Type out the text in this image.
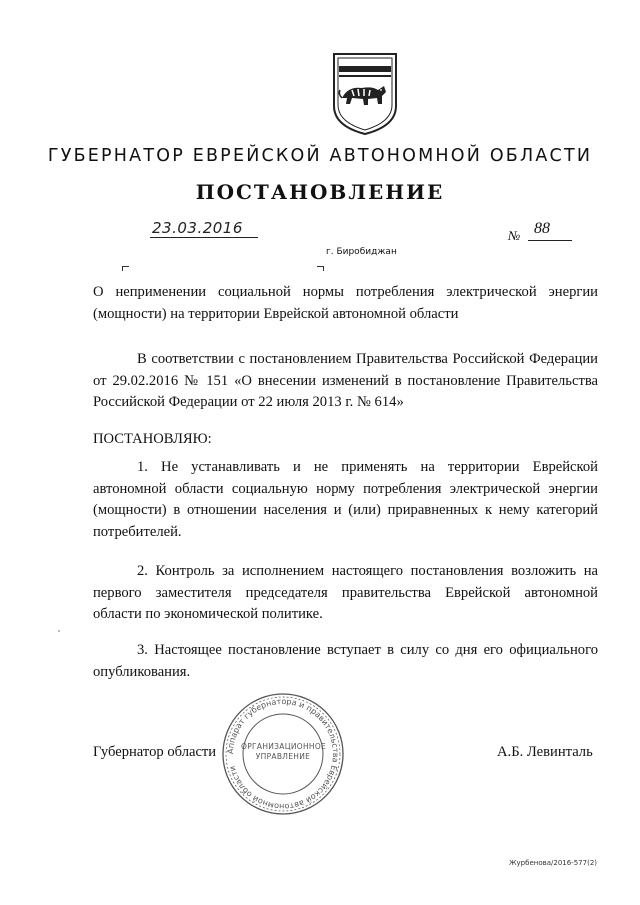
ГУБЕРНАТОР ЕВРЕЙСКОЙ АВТОНОМНОЙ ОБЛАСТИ
ПОСТАНОВЛЕНИЕ
23.03.2016	№ 88
г. Биробиджан
О неприменении социальной нормы потребления электрической энергии (мощности) на территории Еврейской автономной области
В соответствии с постановлением Правительства Российской Федерации от 29.02.2016 № 151 «О внесении изменений в постановление Правительства Российской Федерации от 22 июля 2013 г. № 614»
ПОСТАНОВЛЯЮ:
1. Не устанавливать и не применять на территории Еврейской автономной области социальную норму потребления электрической энергии (мощности) в отношении населения и (или) приравненных к нему категорий потребителей.
2. Контроль за исполнением настоящего постановления возложить на первого заместителя председателя правительства Еврейской автономной области по экономической политике.
3. Настоящее постановление вступает в силу со дня его официального опубликования.
Губернатор области	А.Б. Левинталь
Аппарат губернатора и правительства Еврейской автономной области
ОРГАНИЗАЦИОННОЕ УПРАВЛЕНИЕ
Журбенова/2016-577(2)
